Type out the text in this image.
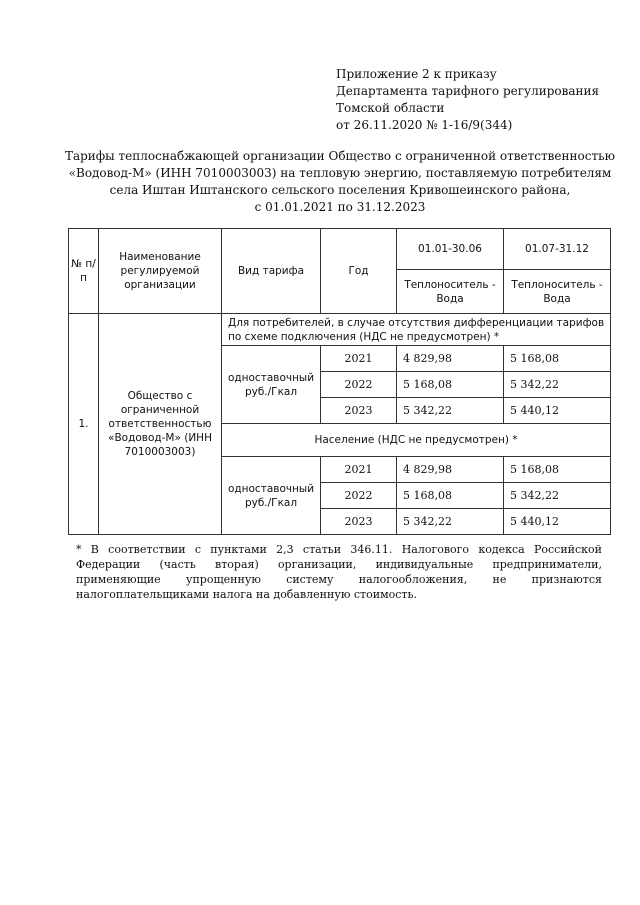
Приложение 2 к приказу
Департамента тарифного регулирования
Томской области
от 26.11.2020 № 1-16/9(344)
Тарифы теплоснабжающей организации Общество с ограниченной ответственностью
«Водовод-М» (ИНН 7010003003) на тепловую энергию, поставляемую потребителям
села Иштан Иштанского сельского поселения Кривошеинского района,
с 01.01.2021 по 31.12.2023
№ п/п	Наименование регулируемой организации	Вид тарифа	Год	01.01-30.06	01.07-31.12
				Теплоноситель - Вода	Теплоноситель - Вода
1.	Общество с ограниченной ответственностью «Водовод-М» (ИНН 7010003003)	Для потребителей, в случае отсутствия дифференциации тарифов по схеме подключения (НДС не предусмотрен) *			
		одноставочный руб./Гкал	2021	4 829,98	5 168,08
			2022	5 168,08	5 342,22
			2023	5 342,22	5 440,12
		Население (НДС не предусмотрен) *			
		одноставочный руб./Гкал	2021	4 829,98	5 168,08
			2022	5 168,08	5 342,22
			2023	5 342,22	5 440,12
* В соответствии с пунктами 2,3 статьи 346.11. Налогового кодекса Российской Федерации (часть вторая) организации, индивидуальные предприниматели, применяющие упрощенную систему налогообложения, не признаются налогоплательщиками налога на добавленную стоимость.
